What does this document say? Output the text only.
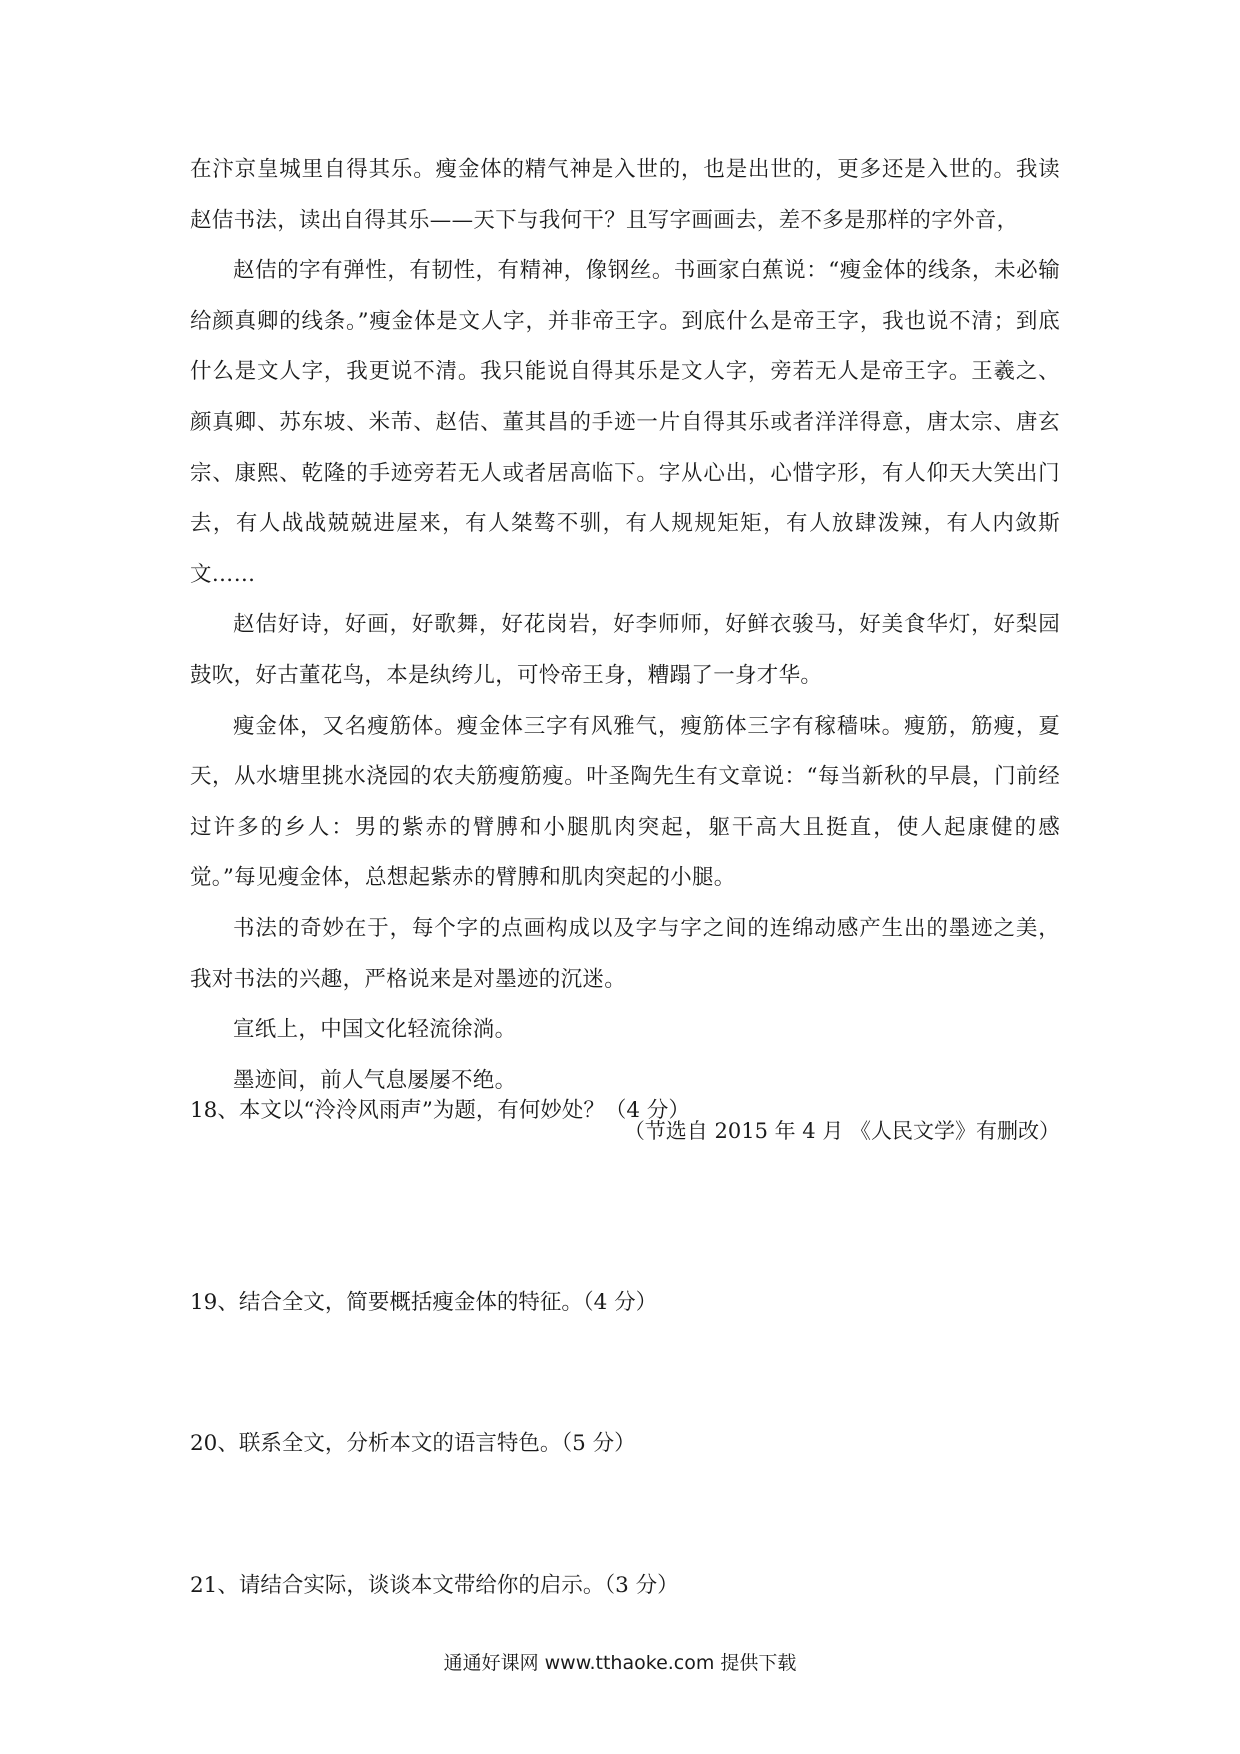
在汴京皇城里自得其乐。瘦金体的精气神是入世的，也是出世的，更多还是入世的。我读赵佶书法，读出自得其乐——天下与我何干？且写字画画去，差不多是那样的字外音，

赵佶的字有弹性，有韧性，有精神，像钢丝。书画家白蕉说：“瘦金体的线条，未必输给颜真卿的线条。”瘦金体是文人字，并非帝王字。到底什么是帝王字，我也说不清；到底什么是文人字，我更说不清。我只能说自得其乐是文人字，旁若无人是帝王字。王羲之、颜真卿、苏东坡、米芾、赵佶、董其昌的手迹一片自得其乐或者洋洋得意，唐太宗、唐玄宗、康熙、乾隆的手迹旁若无人或者居高临下。字从心出，心惜字形，有人仰天大笑出门去，有人战战兢兢进屋来，有人桀骜不驯，有人规规矩矩，有人放肆泼辣，有人内敛斯文……

赵佶好诗，好画，好歌舞，好花岗岩，好李师师，好鲜衣骏马，好美食华灯，好梨园鼓吹，好古董花鸟，本是纨绔儿，可怜帝王身，糟蹋了一身才华。

瘦金体，又名瘦筋体。瘦金体三字有风雅气，瘦筋体三字有稼穑味。瘦筋，筋瘦，夏天，从水塘里挑水浇园的农夫筋瘦筋瘦。叶圣陶先生有文章说：“每当新秋的早晨，门前经过许多的乡人：男的紫赤的臂膊和小腿肌肉突起，躯干高大且挺直，使人起康健的感觉。”每见瘦金体，总想起紫赤的臂膊和肌肉突起的小腿。

书法的奇妙在于，每个字的点画构成以及字与字之间的连绵动感产生出的墨迹之美，我对书法的兴趣，严格说来是对墨迹的沉迷。

宣纸上，中国文化轻流徐淌。

墨迹间，前人气息屡屡不绝。

（节选自 2015 年 4 月 《人民文学》有删改）

18、本文以“泠泠风雨声”为题，有何妙处？（4 分）

19、结合全文，简要概括瘦金体的特征。（4 分）

20、联系全文，分析本文的语言特色。（5 分）

21、请结合实际，谈谈本文带给你的启示。（3 分）

通通好课网 www.tthaoke.com 提供下载
